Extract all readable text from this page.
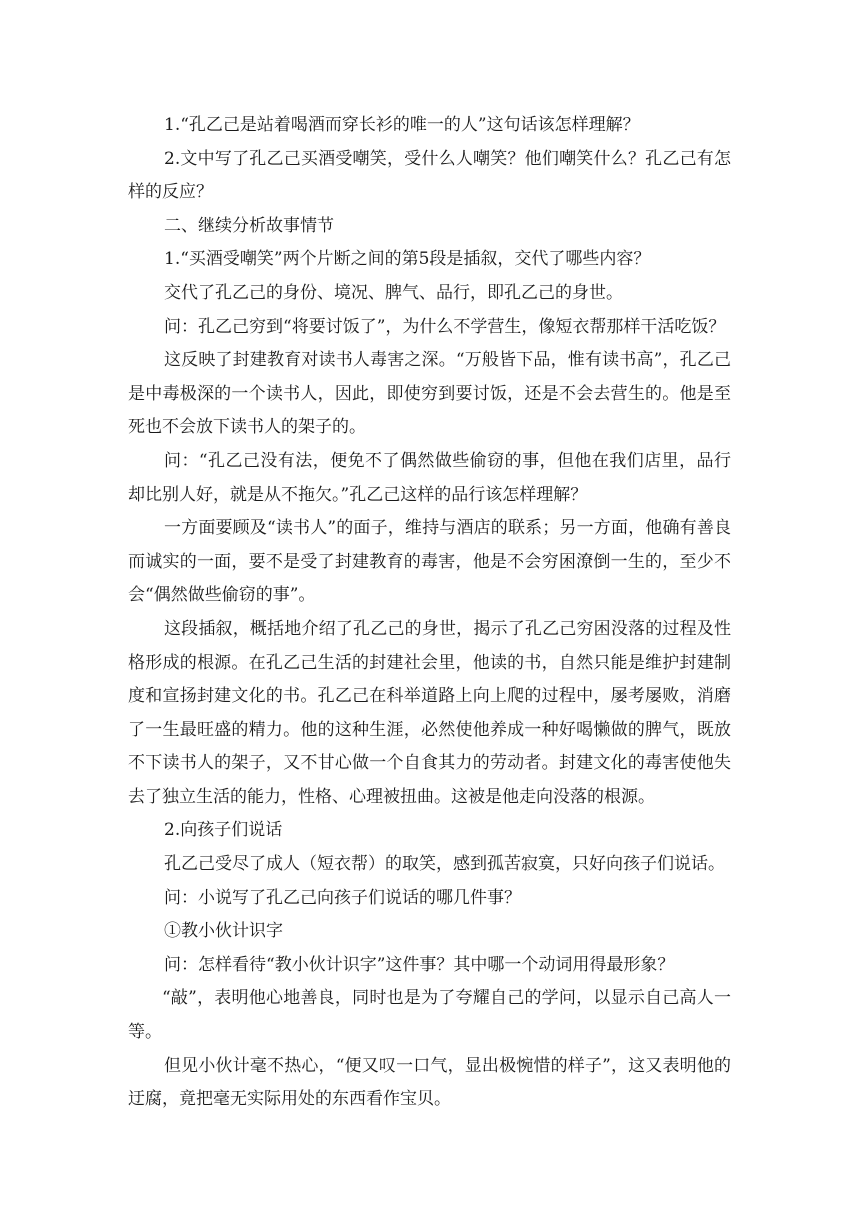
1.“孔乙己是站着喝酒而穿长衫的唯一的人”这句话该怎样理解？

2.文中写了孔乙己买酒受嘲笑，受什么人嘲笑？他们嘲笑什么？孔乙己有怎样的反应？

二、继续分析故事情节

1.“买酒受嘲笑”两个片断之间的第5段是插叙，交代了哪些内容？

交代了孔乙己的身份、境况、脾气、品行，即孔乙己的身世。

问：孔乙己穷到“将要讨饭了”，为什么不学营生，像短衣帮那样干活吃饭？

这反映了封建教育对读书人毒害之深。“万般皆下品，惟有读书高”，孔乙己是中毒极深的一个读书人，因此，即使穷到要讨饭，还是不会去营生的。他是至死也不会放下读书人的架子的。

问：“孔乙己没有法，便免不了偶然做些偷窃的事，但他在我们店里，品行却比别人好，就是从不拖欠。”孔乙己这样的品行该怎样理解？

一方面要顾及“读书人”的面子，维持与酒店的联系；另一方面，他确有善良而诚实的一面，要不是受了封建教育的毒害，他是不会穷困潦倒一生的，至少不会“偶然做些偷窃的事”。

这段插叙，概括地介绍了孔乙己的身世，揭示了孔乙己穷困没落的过程及性格形成的根源。在孔乙己生活的封建社会里，他读的书，自然只能是维护封建制度和宣扬封建文化的书。孔乙己在科举道路上向上爬的过程中，屡考屡败，消磨了一生最旺盛的精力。他的这种生涯，必然使他养成一种好喝懒做的脾气，既放不下读书人的架子，又不甘心做一个自食其力的劳动者。封建文化的毒害使他失去了独立生活的能力，性格、心理被扭曲。这被是他走向没落的根源。

2.向孩子们说话

孔乙己受尽了成人（短衣帮）的取笑，感到孤苦寂寞，只好向孩子们说话。

问：小说写了孔乙己向孩子们说话的哪几件事？

①教小伙计识字

问：怎样看待“教小伙计识字”这件事？其中哪一个动词用得最形象？

“敲”，表明他心地善良，同时也是为了夸耀自己的学问，以显示自己高人一等。

但见小伙计毫不热心，“便又叹一口气，显出极惋惜的样子”，这又表明他的迂腐，竟把毫无实际用处的东西看作宝贝。
